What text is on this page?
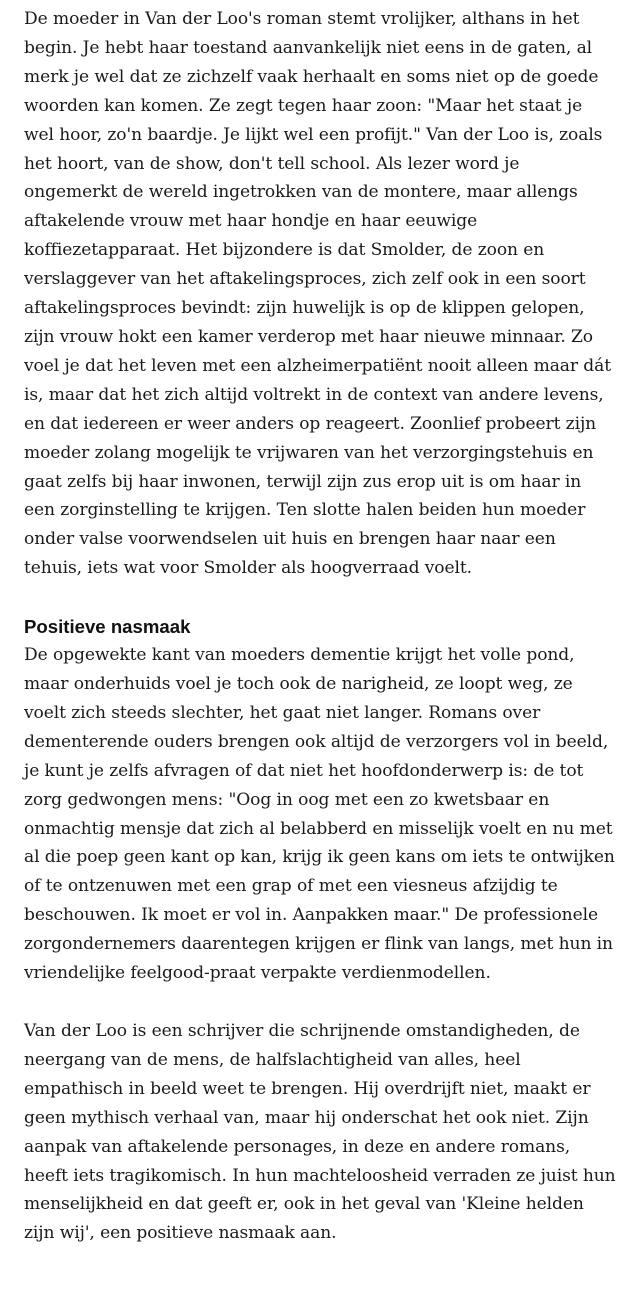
De moeder in Van der Loo's roman stemt vrolijker, althans in het begin. Je hebt haar toestand aanvankelijk niet eens in de gaten, al merk je wel dat ze zichzelf vaak herhaalt en soms niet op de goede woorden kan komen. Ze zegt tegen haar zoon: "Maar het staat je wel hoor, zo'n baardje. Je lijkt wel een profijt." Van der Loo is, zoals het hoort, van de show, don't tell school. Als lezer word je ongemerkt de wereld ingetrokken van de montere, maar allengs aftakelende vrouw met haar hondje en haar eeuwige koffiezetapparaat. Het bijzondere is dat Smolder, de zoon en verslaggever van het aftakelingsproces, zich zelf ook in een soort aftakelingsproces bevindt: zijn huwelijk is op de klippen gelopen, zijn vrouw hokt een kamer verderop met haar nieuwe minnaar. Zo voel je dat het leven met een alzheimerpatiënt nooit alleen maar dát is, maar dat het zich altijd voltrekt in de context van andere levens, en dat iedereen er weer anders op reageert. Zoonlief probeert zijn moeder zolang mogelijk te vrijwaren van het verzorgingstehuis en gaat zelfs bij haar inwonen, terwijl zijn zus erop uit is om haar in een zorginstelling te krijgen. Ten slotte halen beiden hun moeder onder valse voorwendselen uit huis en brengen haar naar een tehuis, iets wat voor Smolder als hoogverraad voelt.

Positieve nasmaak

De opgewekte kant van moeders dementie krijgt het volle pond, maar onderhuids voel je toch ook de narigheid, ze loopt weg, ze voelt zich steeds slechter, het gaat niet langer. Romans over dementerende ouders brengen ook altijd de verzorgers vol in beeld, je kunt je zelfs afvragen of dat niet het hoofdonderwerp is: de tot zorg gedwongen mens: "Oog in oog met een zo kwetsbaar en onmachtig mensje dat zich al belabberd en misselijk voelt en nu met al die poep geen kant op kan, krijg ik geen kans om iets te ontwijken of te ontzenuwen met een grap of met een viesneus afzijdig te beschouwen. Ik moet er vol in. Aanpakken maar." De professionele zorgondernemers daarentegen krijgen er flink van langs, met hun in vriendelijke feelgood-praat verpakte verdienmodellen.

Van der Loo is een schrijver die schrijnende omstandigheden, de neergang van de mens, de halfslachtigheid van alles, heel empathisch in beeld weet te brengen. Hij overdrijft niet, maakt er geen mythisch verhaal van, maar hij onderschat het ook niet. Zijn aanpak van aftakelende personages, in deze en andere romans, heeft iets tragikomisch. In hun machteloosheid verraden ze juist hun menselijkheid en dat geeft er, ook in het geval van 'Kleine helden zijn wij', een positieve nasmaak aan.
